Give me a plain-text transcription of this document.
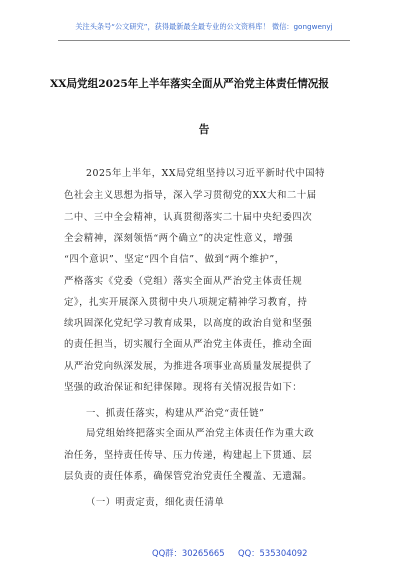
关注头条号“公文研究”，获得最新最全最专业的公文资料库！ 微信：gongwenyj
XX局党组2025年上半年落实全面从严治党主体责任情况报
告
2025年上半年，XX局党组坚持以习近平新时代中国特
色社会主义思想为指导，深入学习贯彻党的XX大和二十届
二中、三中全会精神，认真贯彻落实二十届中央纪委四次
全会精神，深刻领悟“两个确立”的决定性意义，增强
“四个意识”、坚定“四个自信”、做到“两个维护”，
严格落实《党委（党组）落实全面从严治党主体责任规
定》，扎实开展深入贯彻中央八项规定精神学习教育，持
续巩固深化党纪学习教育成果，以高度的政治自觉和坚强
的责任担当，切实履行全面从严治党主体责任，推动全面
从严治党向纵深发展，为推进各项事业高质量发展提供了
坚强的政治保证和纪律保障。现将有关情况报告如下：
一、抓责任落实，构建从严治党“责任链”
局党组始终把落实全面从严治党主体责任作为重大政
治任务，坚持责任传导、压力传递，构建起上下贯通、层
层负责的责任体系，确保管党治党责任全覆盖、无遗漏。
（一）明责定责，细化责任清单
QQ群：30265665 QQ：535304092
